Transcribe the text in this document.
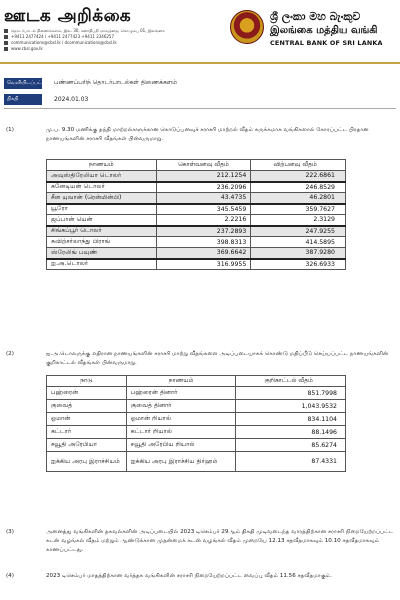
ஊடக அறிக்கை
தொடர்பாடல் திணைக்களம், இல. 30, சனாதிபதி மாவத்தை, கொழும்பு 01, இலங்கை
+9411 2477424 / +9411 2477423 +9411 2346257
communications@cbsl.lk / dcommunications@cbsl.lk
www.cbsl.gov.lk
ශ්‍රී ලංකා මහ බැංකුව
இலங்கை மத்திய வங்கி
CENTRAL BANK OF SRI LANKA
வெளியிடப்பட்டது பண்ணப்பரிந் தொடர்பாடல்கள் திணைக்களம்
திகதி	2024.01.03
(1)	மு.ப. 9.30 மணிக்கு தந்தி மாற்றல்களுக்கான கொடுப்பனவுச் சராசரி மாற்றல் வீதம் சுருக்கமாக வங்கிகளால் கோரப்பட்ட பிரதான நாணயங்களின் சராசரி வீதங்கள் பின்வருமாறு.
நாணயம்	கொள்வனவு வீதம்	விற்பனவு வீதம்
அவுஸ்திரேலியா டொலர்	212.1254	222.6861
கனேடியன் டொலர்	236.2096	246.8529
சீன யுவான் (ரென்மின்பி)	43.4735	46.2801
யூரோ	345.5459	359.7627
ஜப்பான் யென்	2.2216	2.3129
சிங்கப்பூர் டொலர்	237.2893	247.9255
சுவிற்சர்லாந்து பிராங்	398.8313	414.5895
ஸ்ரேலிங் பவுண்	369.6642	387.9280
ஐ.அ.டொலர்	316.9955	326.6933
(2)	ஐ.அ.டொலருக்கு எதிரான நாணயங்களின் சராசரி மாற்று வீதங்களை அடிப்படையாகக் கொண்டு மதிப்பீடு செய்யப்பட்ட நாணயங்களின் குறிகாட்டல் வீதங்கள் பின்வருமாறு.
நாடு	நாணயம்	குறிகாட்டல் வீதம்
பஹ்ரைன்	பஹ்ரைன் தினார்	851.7998
குவைத்	குவைத் தினார்	1,043.9532
ஓமான்	ஓமான் றியால்	834.1104
கட்டார்	கட்டார் றியால்	88.1496
சவூதி அரேபியா	சவூதி அரேபிய றியால்	85.6274
ஐக்கிய அரபு இராச்சியம்	ஐக்கிய அரபு இராச்சிய திர்ஹம்	87.4331
(3)	அனைத்து வங்கிகளின் தகவல்களின் அடிப்படையில் 2023 டிசெம்பர் 29ஆம் திகதி முடிவடைந்த வாரத்திற்கான சராசரி நிறையேற்றப்பட்ட கடன் வழங்கல் வீதம் மற்றும் ஆண்டுக்கான முதன்மைக் கடன் வழங்கல் வீதம் முறையே 12.13 சதவீதமாகவும் 10.10 சதவீதமாகவும் காணப்பட்டது.
(4)	2023 டிசெம்பர் மாதத்திற்கான வர்த்தக வங்கிகளின் சராசரி நிறையேற்றப்பட்ட வைப்பு வீதம் 11.56 சதவீதமாகும்.
